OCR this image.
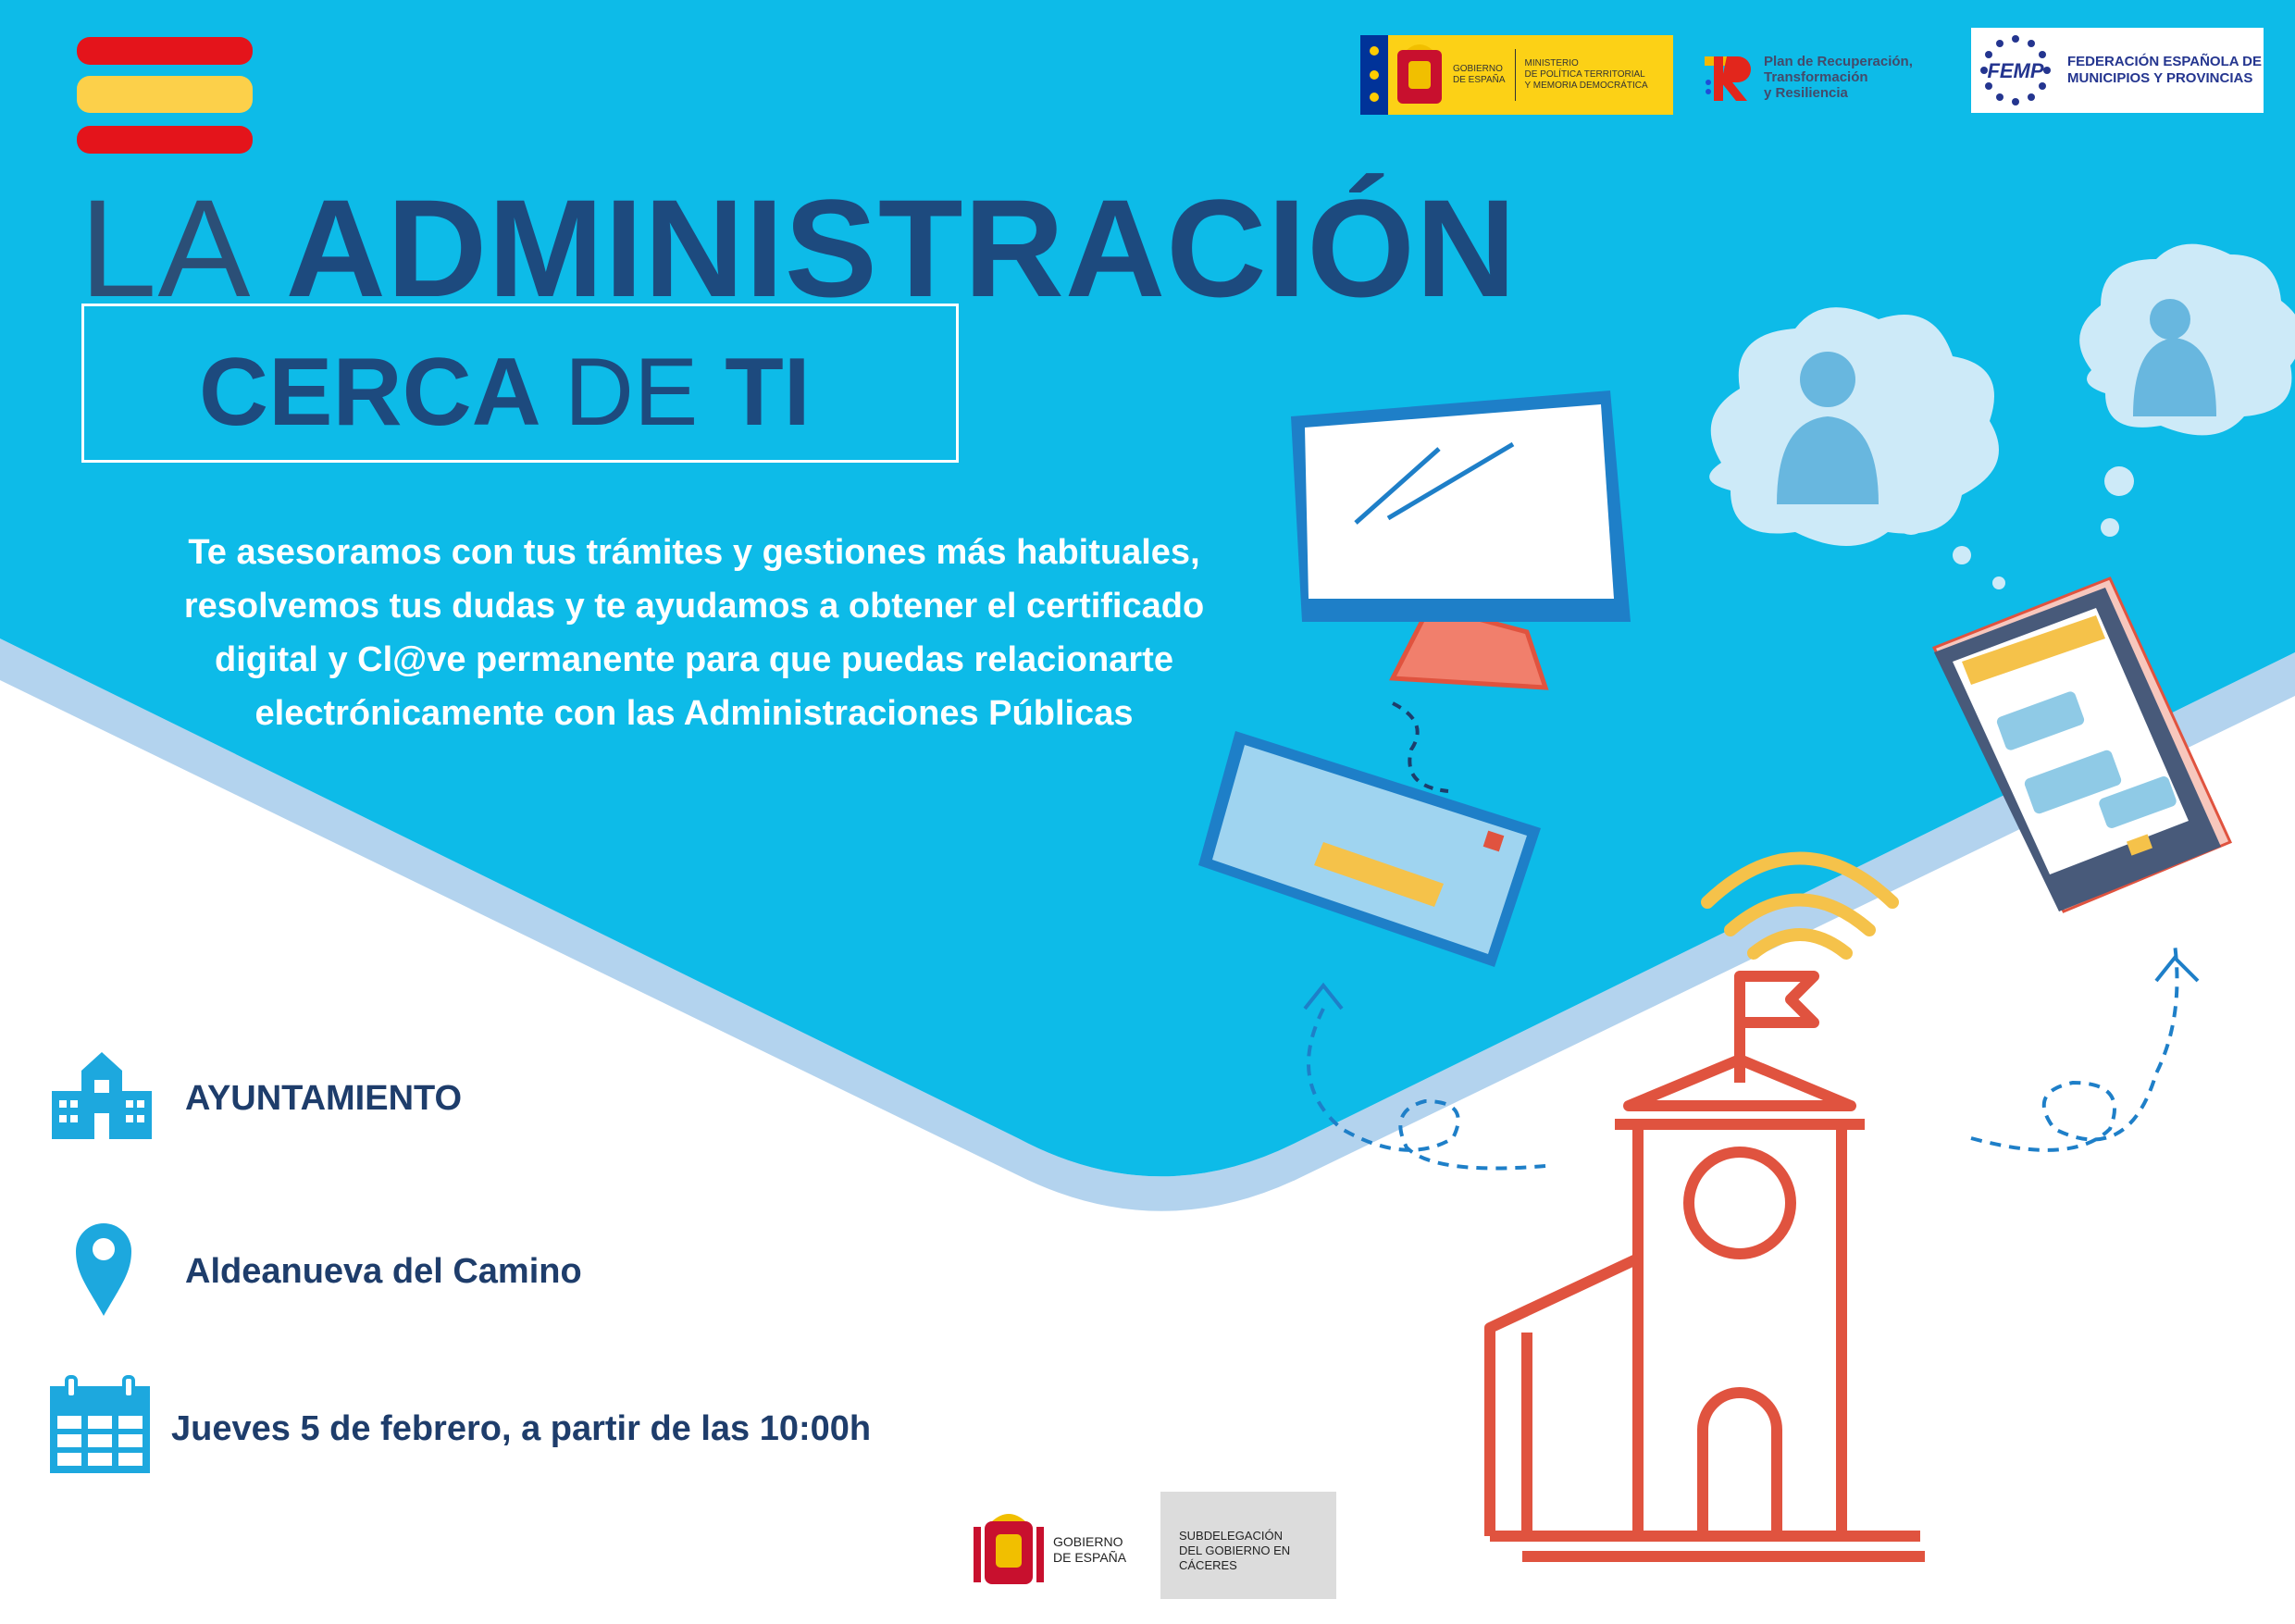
LA ADMINISTRACIÓN
CERCA DE TI

Te asesoramos con tus trámites y gestiones más habituales, resolvemos tus dudas y te ayudamos a obtener el certificado digital y Cl@ve permanente para que puedas relacionarte electrónicamente con las Administraciones Públicas

GOBIERNO
DE ESPAÑA

MINISTERIO
DE POLÍTICA TERRITORIAL
Y MEMORIA DEMOCRÁTICA

Plan de Recuperación,
Transformación
y Resiliencia

FEMP FEDERACIÓN ESPAÑOLA DE
MUNICIPIOS Y PROVINCIAS

AYUNTAMIENTO

Aldeanueva del Camino

Jueves 5 de febrero, a partir de las 10:00h

GOBIERNO
DE ESPAÑA

SUBDELEGACIÓN
DEL GOBIERNO EN
CÁCERES
